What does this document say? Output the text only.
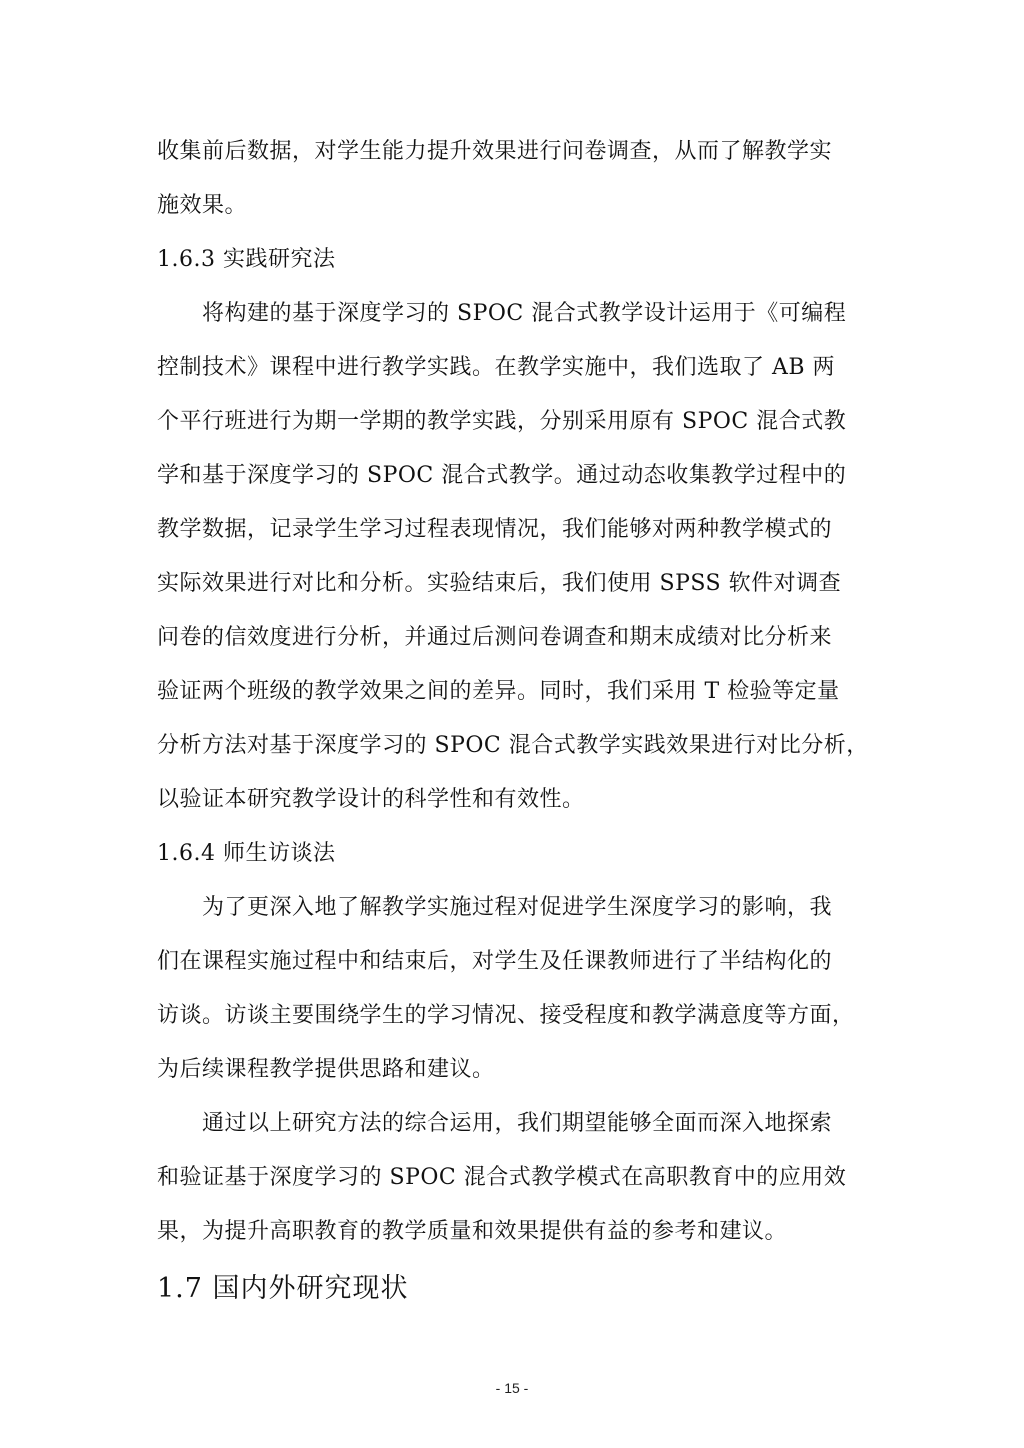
收集前后数据，对学生能力提升效果进行问卷调查，从而了解教学实
施效果。
1.6.3 实践研究法
　　将构建的基于深度学习的 SPOC 混合式教学设计运用于《可编程
控制技术》课程中进行教学实践。在教学实施中，我们选取了 AB 两
个平行班进行为期一学期的教学实践，分别采用原有 SPOC 混合式教
学和基于深度学习的 SPOC 混合式教学。通过动态收集教学过程中的
教学数据，记录学生学习过程表现情况，我们能够对两种教学模式的
实际效果进行对比和分析。实验结束后，我们使用 SPSS 软件对调查
问卷的信效度进行分析，并通过后测问卷调查和期末成绩对比分析来
验证两个班级的教学效果之间的差异。同时，我们采用 T 检验等定量
分析方法对基于深度学习的 SPOC 混合式教学实践效果进行对比分析，
以验证本研究教学设计的科学性和有效性。
1.6.4 师生访谈法
　　为了更深入地了解教学实施过程对促进学生深度学习的影响，我
们在课程实施过程中和结束后，对学生及任课教师进行了半结构化的
访谈。访谈主要围绕学生的学习情况、接受程度和教学满意度等方面，
为后续课程教学提供思路和建议。
　　通过以上研究方法的综合运用，我们期望能够全面而深入地探索
和验证基于深度学习的 SPOC 混合式教学模式在高职教育中的应用效
果，为提升高职教育的教学质量和效果提供有益的参考和建议。
1.7 国内外研究现状
- 15 -
